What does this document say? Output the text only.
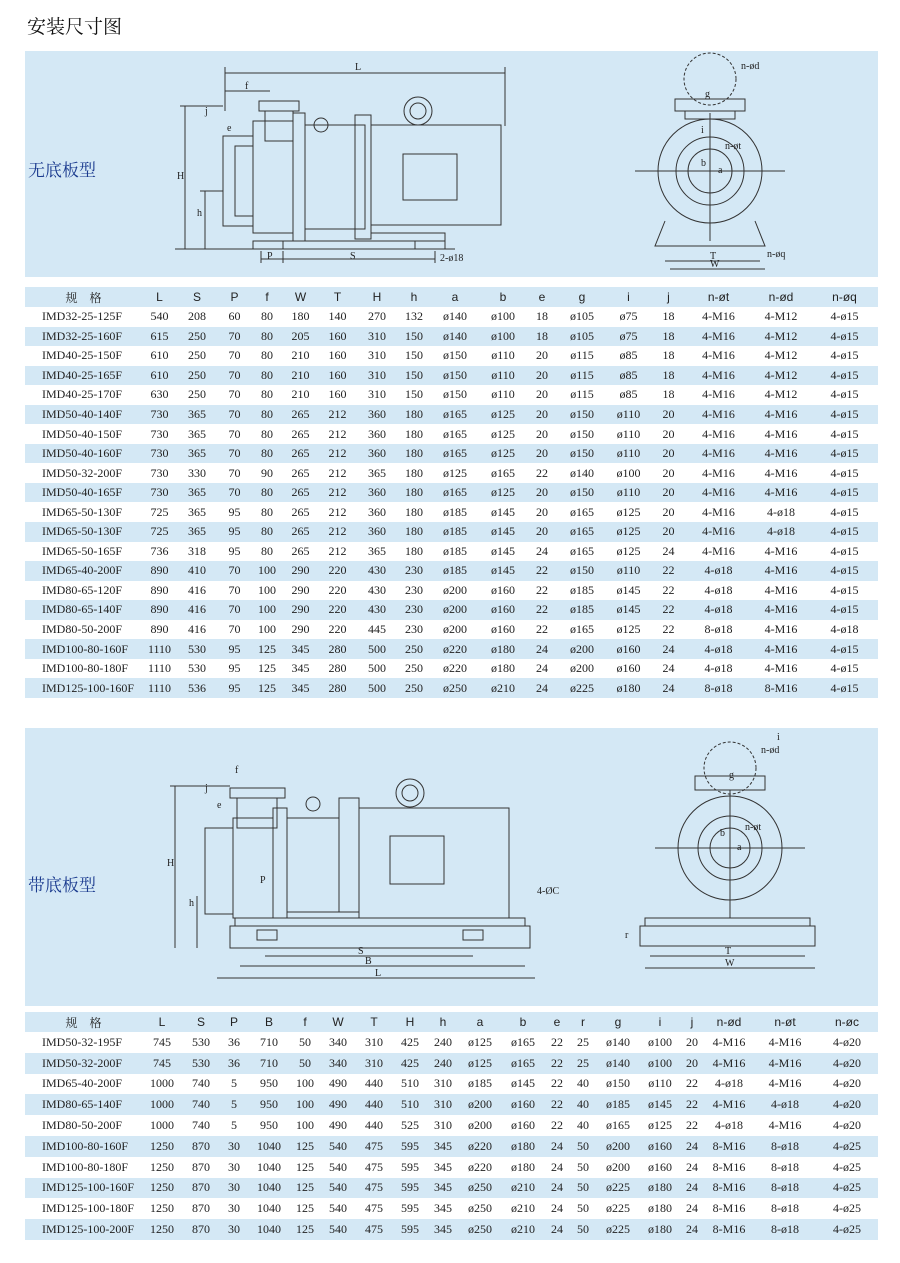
安装尺寸图
无底板型
L
f
j
e
H
h
P	S	2-ø18
n-ød
g
i
n-øt
a
b
T
W
n-øq
规　格	L	S	P	f	W	T	H	h	a	b	e	g	i	j	n-øt	n-ød	n-øq
IMD32-25-125F	540	208	60	80	180	140	270	132	ø140	ø100	18	ø105	ø75	18	4-M16	4-M12	4-ø15
IMD32-25-160F	615	250	70	80	205	160	310	150	ø140	ø100	18	ø105	ø75	18	4-M16	4-M12	4-ø15
IMD40-25-150F	610	250	70	80	210	160	310	150	ø150	ø110	20	ø115	ø85	18	4-M16	4-M12	4-ø15
IMD40-25-165F	610	250	70	80	210	160	310	150	ø150	ø110	20	ø115	ø85	18	4-M16	4-M12	4-ø15
IMD40-25-170F	630	250	70	80	210	160	310	150	ø150	ø110	20	ø115	ø85	18	4-M16	4-M12	4-ø15
IMD50-40-140F	730	365	70	80	265	212	360	180	ø165	ø125	20	ø150	ø110	20	4-M16	4-M16	4-ø15
IMD50-40-150F	730	365	70	80	265	212	360	180	ø165	ø125	20	ø150	ø110	20	4-M16	4-M16	4-ø15
IMD50-40-160F	730	365	70	80	265	212	360	180	ø165	ø125	20	ø150	ø110	20	4-M16	4-M16	4-ø15
IMD50-32-200F	730	330	70	90	265	212	365	180	ø125	ø165	22	ø140	ø100	20	4-M16	4-M16	4-ø15
IMD50-40-165F	730	365	70	80	265	212	360	180	ø165	ø125	20	ø150	ø110	20	4-M16	4-M16	4-ø15
IMD65-50-130F	725	365	95	80	265	212	360	180	ø185	ø145	20	ø165	ø125	20	4-M16	4-ø18	4-ø15
IMD65-50-130F	725	365	95	80	265	212	360	180	ø185	ø145	20	ø165	ø125	20	4-M16	4-ø18	4-ø15
IMD65-50-165F	736	318	95	80	265	212	365	180	ø185	ø145	24	ø165	ø125	24	4-M16	4-M16	4-ø15
IMD65-40-200F	890	410	70	100	290	220	430	230	ø185	ø145	22	ø150	ø110	22	4-ø18	4-M16	4-ø15
IMD80-65-120F	890	416	70	100	290	220	430	230	ø200	ø160	22	ø185	ø145	22	4-ø18	4-M16	4-ø15
IMD80-65-140F	890	416	70	100	290	220	430	230	ø200	ø160	22	ø185	ø145	22	4-ø18	4-M16	4-ø15
IMD80-50-200F	890	416	70	100	290	220	445	230	ø200	ø160	22	ø165	ø125	22	8-ø18	4-M16	4-ø18
IMD100-80-160F	1110	530	95	125	345	280	500	250	ø220	ø180	24	ø200	ø160	24	4-ø18	4-M16	4-ø15
IMD100-80-180F	1110	530	95	125	345	280	500	250	ø220	ø180	24	ø200	ø160	24	4-ø18	4-M16	4-ø15
IMD125-100-160F	1110	536	95	125	345	280	500	250	ø250	ø210	24	ø225	ø180	24	8-ø18	8-M16	4-ø15
带底板型
f
j
e
H
h
P
S
B
L
4-ØC
n-ød
g
i
n-øt
a
b
r
T
W
规　格	L	S	P	B	f	W	T	H	h	a	b	e	r	g	i	j	n-ød	n-øt	n-øc
IMD50-32-195F	745	530	36	710	50	340	310	425	240	ø125	ø165	22	25	ø140	ø100	20	4-M16	4-M16	4-ø20
IMD50-32-200F	745	530	36	710	50	340	310	425	240	ø125	ø165	22	25	ø140	ø100	20	4-M16	4-M16	4-ø20
IMD65-40-200F	1000	740	5	950	100	490	440	510	310	ø185	ø145	22	40	ø150	ø110	22	4-ø18	4-M16	4-ø20
IMD80-65-140F	1000	740	5	950	100	490	440	510	310	ø200	ø160	22	40	ø185	ø145	22	4-M16	4-ø18	4-ø20
IMD80-50-200F	1000	740	5	950	100	490	440	525	310	ø200	ø160	22	40	ø165	ø125	22	4-ø18	4-M16	4-ø20
IMD100-80-160F	1250	870	30	1040	125	540	475	595	345	ø220	ø180	24	50	ø200	ø160	24	8-M16	8-ø18	4-ø25
IMD100-80-180F	1250	870	30	1040	125	540	475	595	345	ø220	ø180	24	50	ø200	ø160	24	8-M16	8-ø18	4-ø25
IMD125-100-160F	1250	870	30	1040	125	540	475	595	345	ø250	ø210	24	50	ø225	ø180	24	8-M16	8-ø18	4-ø25
IMD125-100-180F	1250	870	30	1040	125	540	475	595	345	ø250	ø210	24	50	ø225	ø180	24	8-M16	8-ø18	4-ø25
IMD125-100-200F	1250	870	30	1040	125	540	475	595	345	ø250	ø210	24	50	ø225	ø180	24	8-M16	8-ø18	4-ø25
